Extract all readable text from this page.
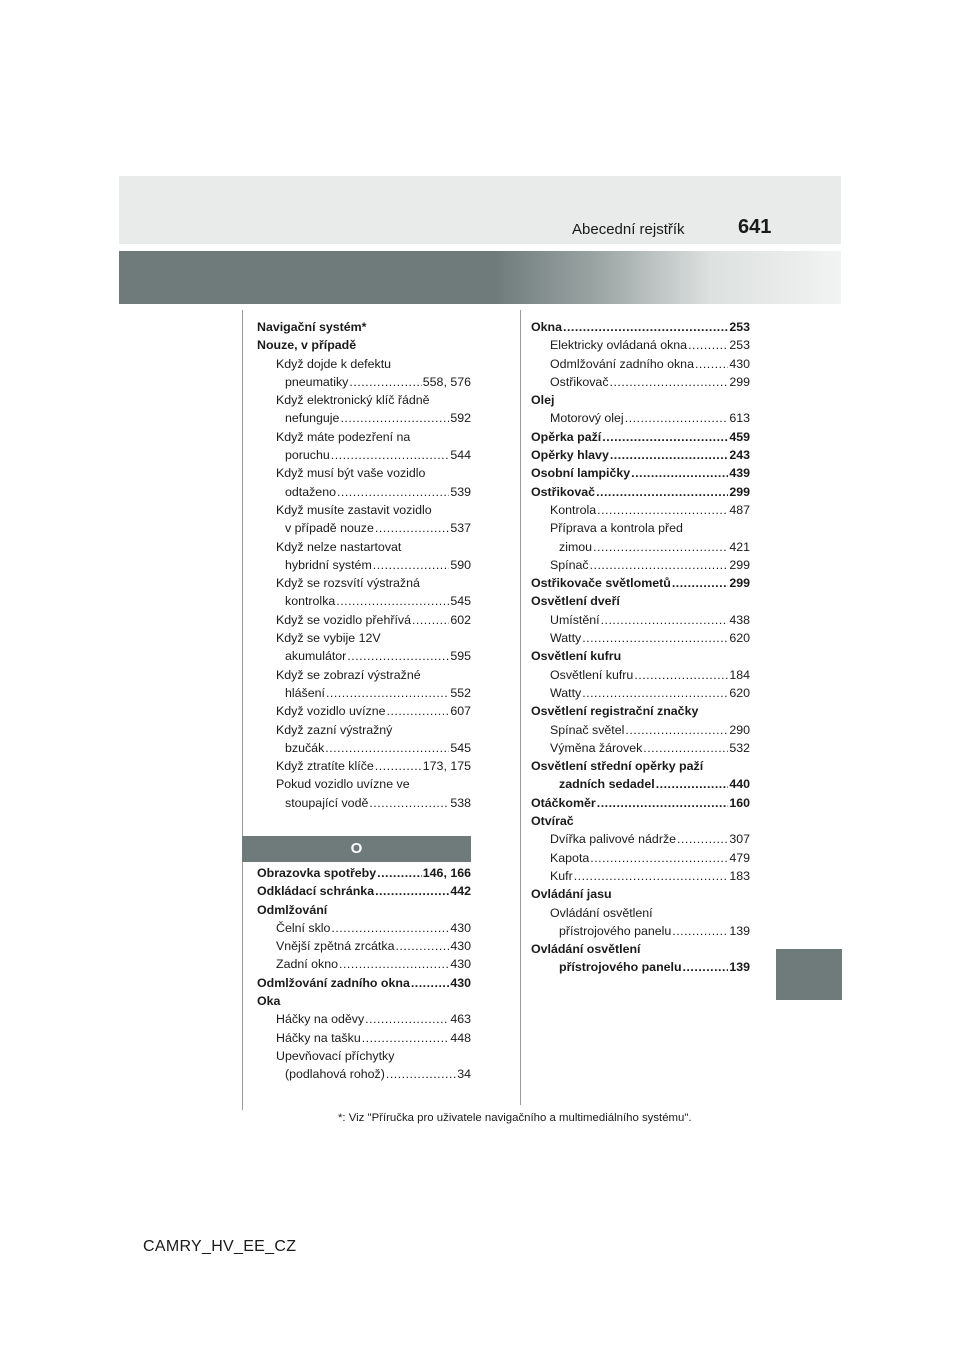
Abecední rejstřík	641
Navigační systém*
Nouze, v případě
Když dojde k defektu
pneumatiky .....	558, 576
Když elektronický klíč řádně
nefunguje .....	592
Když máte podezření na
poruchu .....	544
Když musí být vaše vozidlo
odtaženo .....	539
Když musíte zastavit vozidlo
v případě nouze .....	537
Když nelze nastartovat
hybridní systém .....	590
Když se rozsvítí výstražná
kontrolka .....	545
Když se vozidlo přehřívá .....	602
Když se vybije 12V
akumulátor .....	595
Když se zobrazí výstražné
hlášení .....	552
Když vozidlo uvízne .....	607
Když zazní výstražný
bzučák .....	545
Když ztratíte klíče .....	173, 175
Pokud vozidlo uvízne ve
stoupající vodě .....	538
O
Obrazovka spotřeby .....	146, 166
Odkládací schránka .....	442
Odmlžování
Čelní sklo .....	430
Vnější zpětná zrcátka .....	430
Zadní okno .....	430
Odmlžování zadního okna .....	430
Oka
Háčky na oděvy .....	463
Háčky na tašku .....	448
Upevňovací příchytky
(podlahová rohož) .....	34
Okna .....	253
Elektricky ovládaná okna .....	253
Odmlžování zadního okna .....	430
Ostřikovač .....	299
Olej
Motorový olej .....	613
Opěrka paží .....	459
Opěrky hlavy .....	243
Osobní lampičky .....	439
Ostřikovač .....	299
Kontrola .....	487
Příprava a kontrola před
zimou .....	421
Spínač .....	299
Ostřikovače světlometů .....	299
Osvětlení dveří
Umístění .....	438
Watty .....	620
Osvětlení kufru
Osvětlení kufru .....	184
Watty .....	620
Osvětlení registrační značky
Spínač světel .....	290
Výměna žárovek .....	532
Osvětlení střední opěrky paží
zadních sedadel .....	440
Otáčkoměr .....	160
Otvírač
Dvířka palivové nádrže .....	307
Kapota .....	479
Kufr .....	183
Ovládání jasu
Ovládání osvětlení
přístrojového panelu .....	139
Ovládání osvětlení
přístrojového panelu .....	139
*: Viz "Příručka pro uživatele navigačního a multimediálního systému".
CAMRY_HV_EE_CZ
